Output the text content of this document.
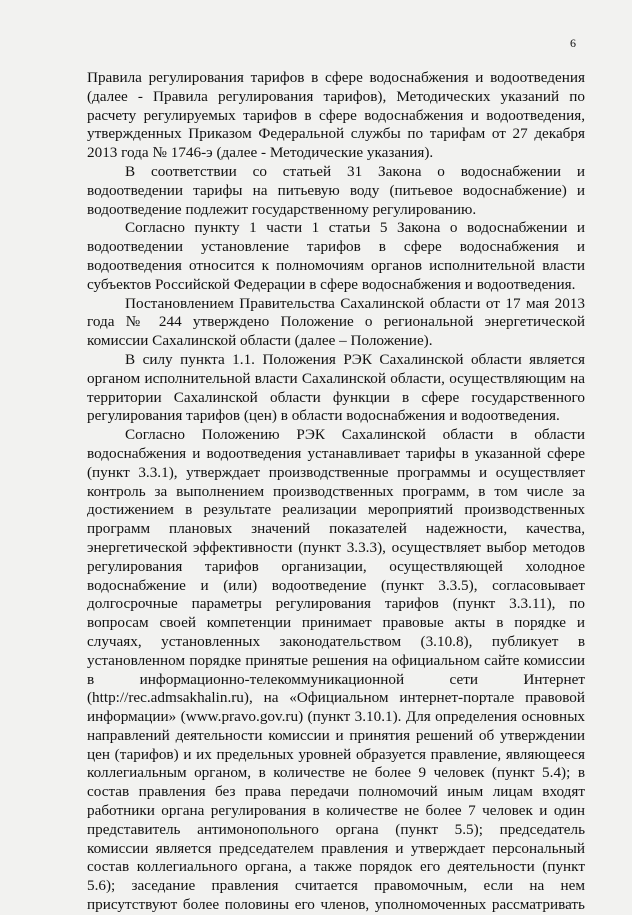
6

Правила регулирования тарифов в сфере водоснабжения и водоотведения (далее - Правила регулирования тарифов), Методических указаний по расчету регулируемых тарифов в сфере водоснабжения и водоотведения, утвержденных Приказом Федеральной службы по тарифам от 27 декабря 2013 года № 1746-э (далее - Методические указания).

В соответствии со статьей 31 Закона о водоснабжении и водоотведении тарифы на питьевую воду (питьевое водоснабжение) и водоотведение подлежит государственному регулированию.

Согласно пункту 1 части 1 статьи 5 Закона о водоснабжении и водоотведении установление тарифов в сфере водоснабжения и водоотведения относится к полномочиям органов исполнительной власти субъектов Российской Федерации в сфере водоснабжения и водоотведения.

Постановлением Правительства Сахалинской области от 17 мая 2013 года № 244 утверждено Положение о региональной энергетической комиссии Сахалинской области (далее – Положение).

В силу пункта 1.1. Положения РЭК Сахалинской области является органом исполнительной власти Сахалинской области, осуществляющим на территории Сахалинской области функции в сфере государственного регулирования тарифов (цен) в области водоснабжения и водоотведения.

Согласно Положению РЭК Сахалинской области в области водоснабжения и водоотведения устанавливает тарифы в указанной сфере (пункт 3.3.1), утверждает производственные программы и осуществляет контроль за выполнением производственных программ, в том числе за достижением в результате реализации мероприятий производственных программ плановых значений показателей надежности, качества, энергетической эффективности (пункт 3.3.3), осуществляет выбор методов регулирования тарифов организации, осуществляющей холодное водоснабжение и (или) водоотведение (пункт 3.3.5), согласовывает долгосрочные параметры регулирования тарифов (пункт 3.3.11), по вопросам своей компетенции принимает правовые акты в порядке и случаях, установленных законодательством (3.10.8), публикует в установленном порядке принятые решения на официальном сайте комиссии в информационно-телекоммуникационной сети Интернет (http://rec.admsakhalin.ru), на «Официальном интернет-портале правовой информации» (www.pravo.gov.ru) (пункт 3.10.1). Для определения основных направлений деятельности комиссии и принятия решений об утверждении цен (тарифов) и их предельных уровней образуется правление, являющееся коллегиальным органом, в количестве не более 9 человек (пункт 5.4); в состав правления без права передачи полномочий иным лицам входят работники органа регулирования в количестве не более 7 человек и один представитель антимонопольного органа (пункт 5.5); председатель комиссии является председателем правления и утверждает персональный состав коллегиального органа, а также порядок его деятельности (пункт 5.6); заседание правления считается правомочным, если на нем присутствуют более половины его членов, уполномоченных рассматривать
